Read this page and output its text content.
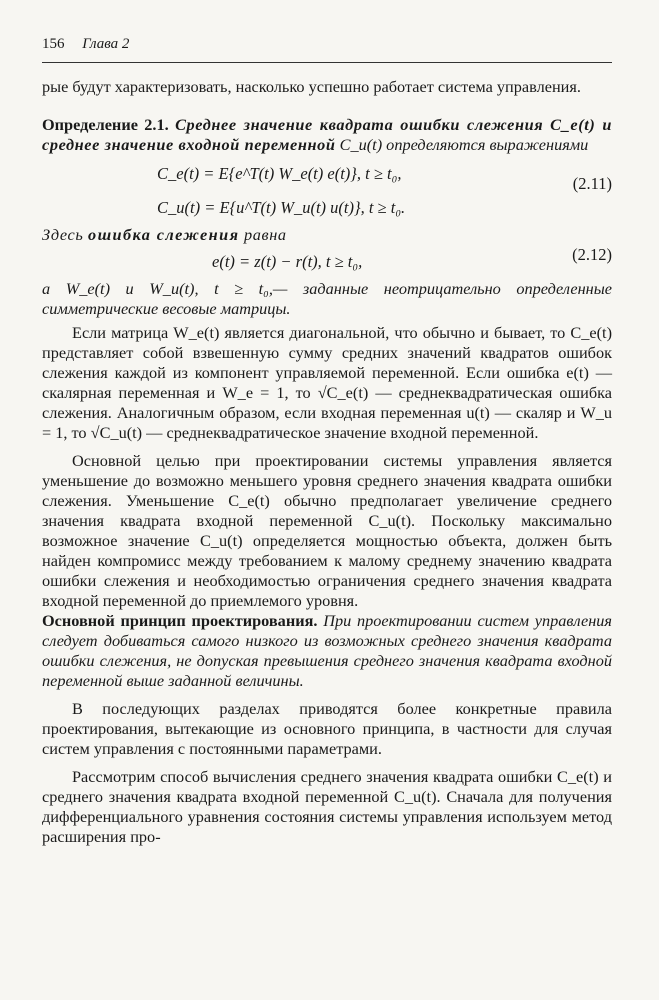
156 Глава 2

рые будут характеризовать, насколько успешно работает система управления.

Определение 2.1. Среднее значение квадрата ошибки слежения C_e(t) и среднее значение входной переменной C_u(t) определяются выражениями

C_e(t) = E{e^T(t) W_e(t) e(t)}, t ≥ t₀,
C_u(t) = E{u^T(t) W_u(t) u(t)}, t ≥ t₀.
(2.11)

Здесь ошибка слежения равна

e(t) = z(t) − r(t), t ≥ t₀,	(2.12)

а W_e(t) и W_u(t), t ≥ t₀,— заданные неотрицательно определенные симметрические весовые матрицы.

Если матрица W_e(t) является диагональной, что обычно и бывает, то C_e(t) представляет собой взвешенную сумму средних значений квадратов ошибок слежения каждой из компонент управляемой переменной. Если ошибка e(t) — скалярная переменная и W_e = 1, то √C_e(t) — среднеквадратическая ошибка слежения. Аналогичным образом, если входная переменная u(t) — скаляр и W_u = 1, то √C_u(t) — среднеквадратическое значение входной переменной.

Основной целью при проектировании системы управления является уменьшение до возможно меньшего уровня среднего значения квадрата ошибки слежения. Уменьшение C_e(t) обычно предполагает увеличение среднего значения квадрата входной переменной C_u(t). Поскольку максимально возможное значение C_u(t) определяется мощностью объекта, должен быть найден компромисс между требованием к малому среднему значению квадрата ошибки слежения и необходимостью ограничения среднего значения квадрата входной переменной до приемлемого уровня.

Основной принцип проектирования. При проектировании систем управления следует добиваться самого низкого из возможных среднего значения квадрата ошибки слежения, не допуская превышения среднего значения квадрата входной переменной выше заданной величины.

В последующих разделах приводятся более конкретные правила проектирования, вытекающие из основного принципа, в частности для случая систем управления с постоянными параметрами.

Рассмотрим способ вычисления среднего значения квадрата ошибки C_e(t) и среднего значения квадрата входной переменной C_u(t). Сначала для получения дифференциального уравнения состояния системы управления используем метод расширения про-
